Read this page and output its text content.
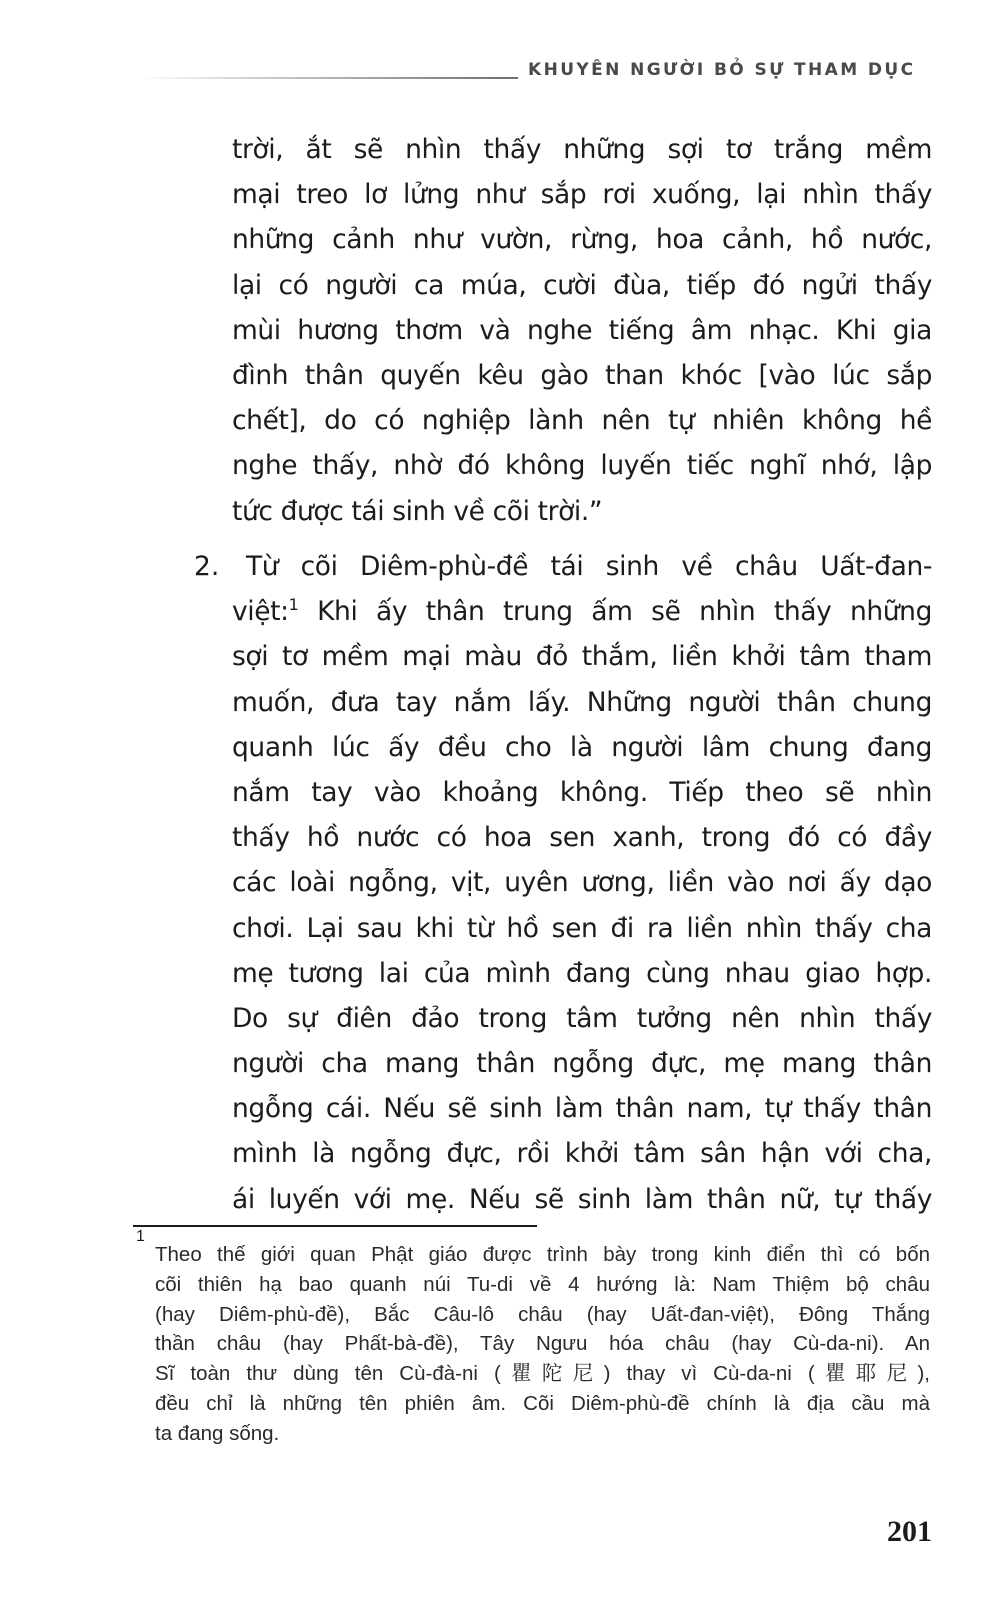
KHUYÊN NGƯỜI BỎ SỰ THAM DỤC
trời, ắt sẽ nhìn thấy những sợi tơ trắng mềm
mại treo lơ lửng như sắp rơi xuống, lại nhìn thấy
những cảnh như vườn, rừng, hoa cảnh, hồ nước,
lại có người ca múa, cười đùa, tiếp đó ngửi thấy
mùi hương thơm và nghe tiếng âm nhạc. Khi gia
đình thân quyến kêu gào than khóc [vào lúc sắp
chết], do có nghiệp lành nên tự nhiên không hề
nghe thấy, nhờ đó không luyến tiếc nghĩ nhớ, lập
tức được tái sinh về cõi trời.”
2.	Từ cõi Diêm-phù-đề tái sinh về châu Uất-đan-
việt:$^1$ Khi ấy thân trung ấm sẽ nhìn thấy những
sợi tơ mềm mại màu đỏ thắm, liền khởi tâm tham
muốn, đưa tay nắm lấy. Những người thân chung
quanh lúc ấy đều cho là người lâm chung đang
nắm tay vào khoảng không. Tiếp theo sẽ nhìn
thấy hồ nước có hoa sen xanh, trong đó có đầy
các loài ngỗng, vịt, uyên ương, liền vào nơi ấy dạo
chơi. Lại sau khi từ hồ sen đi ra liền nhìn thấy cha
mẹ tương lai của mình đang cùng nhau giao hợp.
Do sự điên đảo trong tâm tưởng nên nhìn thấy
người cha mang thân ngỗng đực, mẹ mang thân
ngỗng cái. Nếu sẽ sinh làm thân nam, tự thấy thân
mình là ngỗng đực, rồi khởi tâm sân hận với cha,
ái luyến với mẹ. Nếu sẽ sinh làm thân nữ, tự thấy
1
Theo thế giới quan Phật giáo được trình bày trong kinh điển thì có bốn
cõi thiên hạ bao quanh núi Tu-di về 4 hướng là: Nam Thiệm bộ châu
(hay Diêm-phù-đề), Bắc Câu-lô châu (hay Uất-đan-việt), Đông Thắng
thần châu (hay Phất-bà-đề), Tây Ngưu hóa châu (hay Cù-da-ni). An
Sĩ toàn thư dùng tên Cù-đà-ni (瞿陀尼) thay vì Cù-da-ni (瞿耶尼),
đều chỉ là những tên phiên âm. Cõi Diêm-phù-đề chính là địa cầu mà
ta đang sống.
201
